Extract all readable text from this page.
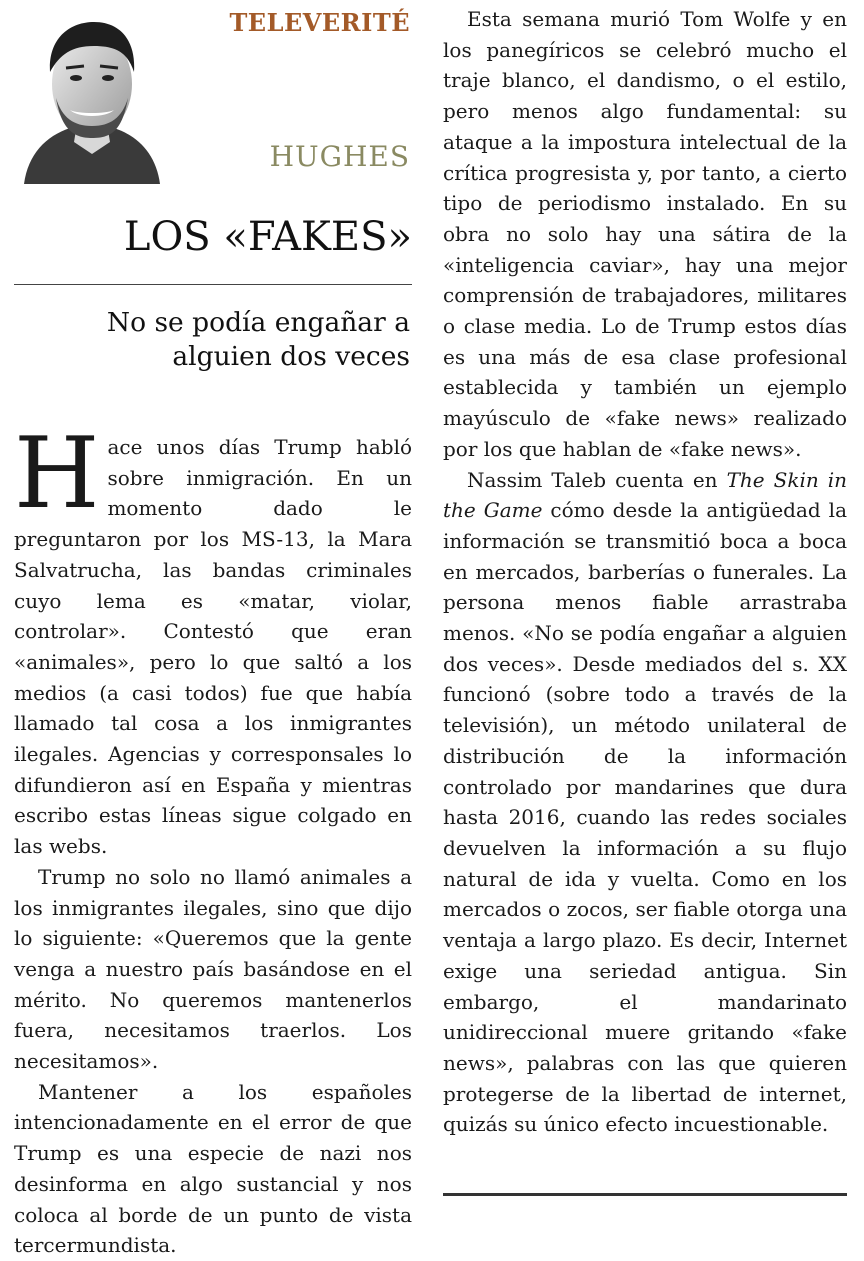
TELEVERITÉ
HUGHES
LOS «FAKES»
No se podía engañar a alguien dos veces

Hace unos días Trump habló sobre inmigración. En un momento dado le preguntaron por los MS-13, la Mara Salvatrucha, las bandas criminales cuyo lema es «matar, violar, controlar». Contestó que eran «animales», pero lo que saltó a los medios (a casi todos) fue que había llamado tal cosa a los inmigrantes ilegales. Agencias y corresponsales lo difundieron así en España y mientras escribo estas líneas sigue colgado en las webs.

Trump no solo no llamó animales a los inmigrantes ilegales, sino que dijo lo siguiente: «Queremos que la gente venga a nuestro país basándose en el mérito. No queremos mantenerlos fuera, necesitamos traerlos. Los necesitamos».

Mantener a los españoles intencionadamente en el error de que Trump es una especie de nazi nos desinforma en algo sustancial y nos coloca al borde de un punto de vista tercermundista.

Esta semana murió Tom Wolfe y en los panegíricos se celebró mucho el traje blanco, el dandismo, o el estilo, pero menos algo fundamental: su ataque a la impostura intelectual de la crítica progresista y, por tanto, a cierto tipo de periodismo instalado. En su obra no solo hay una sátira de la «inteligencia caviar», hay una mejor comprensión de trabajadores, militares o clase media. Lo de Trump estos días es una más de esa clase profesional establecida y también un ejemplo mayúsculo de «fake news» realizado por los que hablan de «fake news».

Nassim Taleb cuenta en The Skin in the Game cómo desde la antigüedad la información se transmitió boca a boca en mercados, barberías o funerales. La persona menos fiable arrastraba menos. «No se podía engañar a alguien dos veces». Desde mediados del s. XX funcionó (sobre todo a través de la televisión), un método unilateral de distribución de la información controlado por mandarines que dura hasta 2016, cuando las redes sociales devuelven la información a su flujo natural de ida y vuelta. Como en los mercados o zocos, ser fiable otorga una ventaja a largo plazo. Es decir, Internet exige una seriedad antigua. Sin embargo, el mandarinato unidireccional muere gritando «fake news», palabras con las que quieren protegerse de la libertad de internet, quizás su único efecto incuestionable.
